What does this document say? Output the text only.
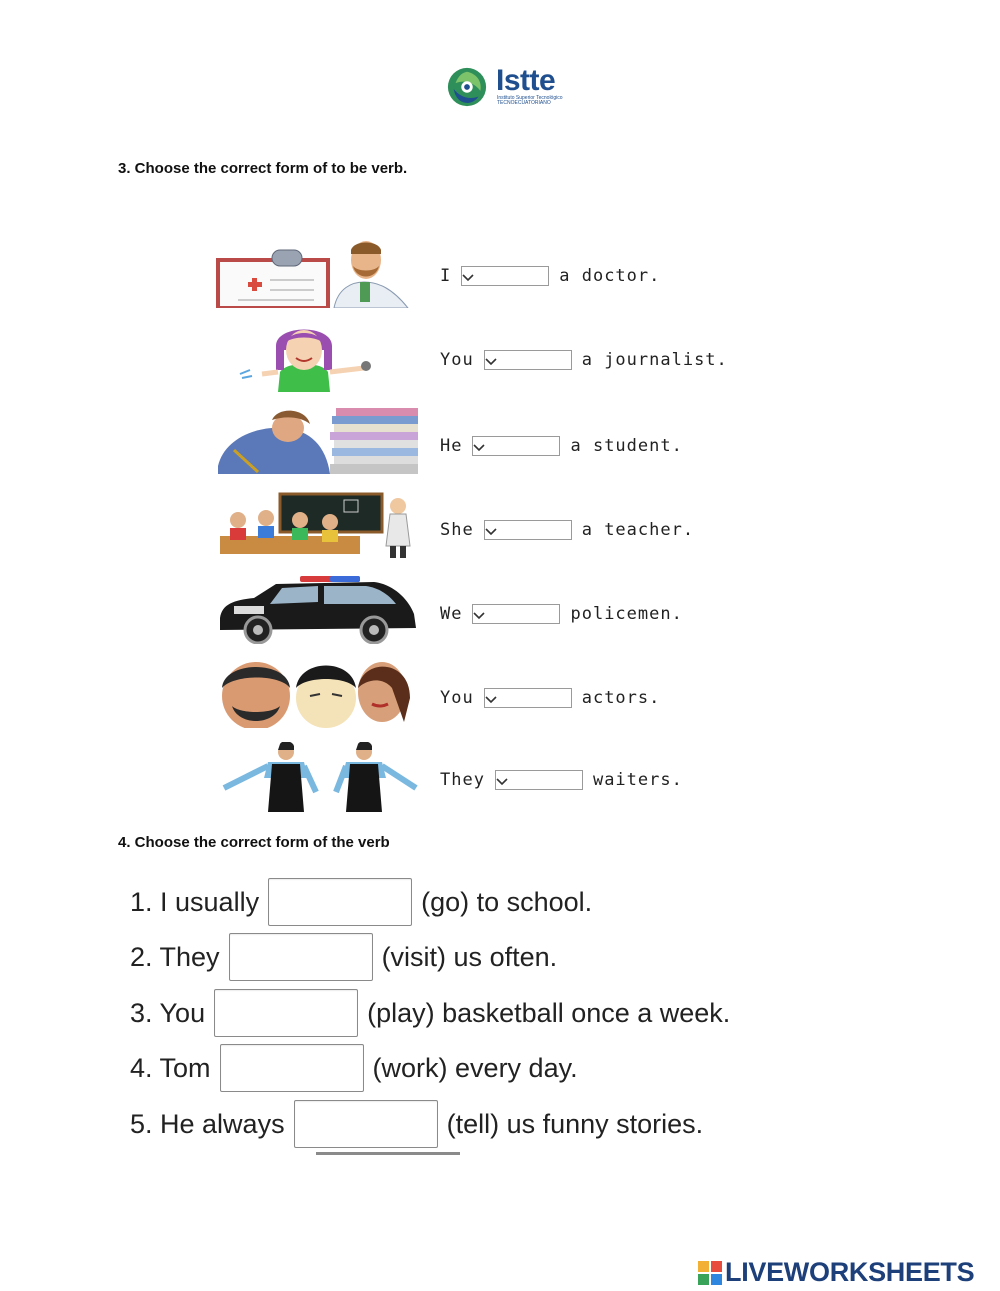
Istte
Instituto Superior Tecnológico TECNOECUATORIANO
3. Choose the correct form of to be verb.
I	a doctor.
You	a journalist.
He	a student.
She	a teacher.
We	policemen.
You	actors.
They	waiters.
4. Choose the correct form of the verb
1. I usually	(go) to school.
2. They	(visit) us often.
3. You	(play) basketball once a week.
4. Tom	(work) every day.
5. He always	(tell) us funny stories.
LIVEWORKSHEETS
